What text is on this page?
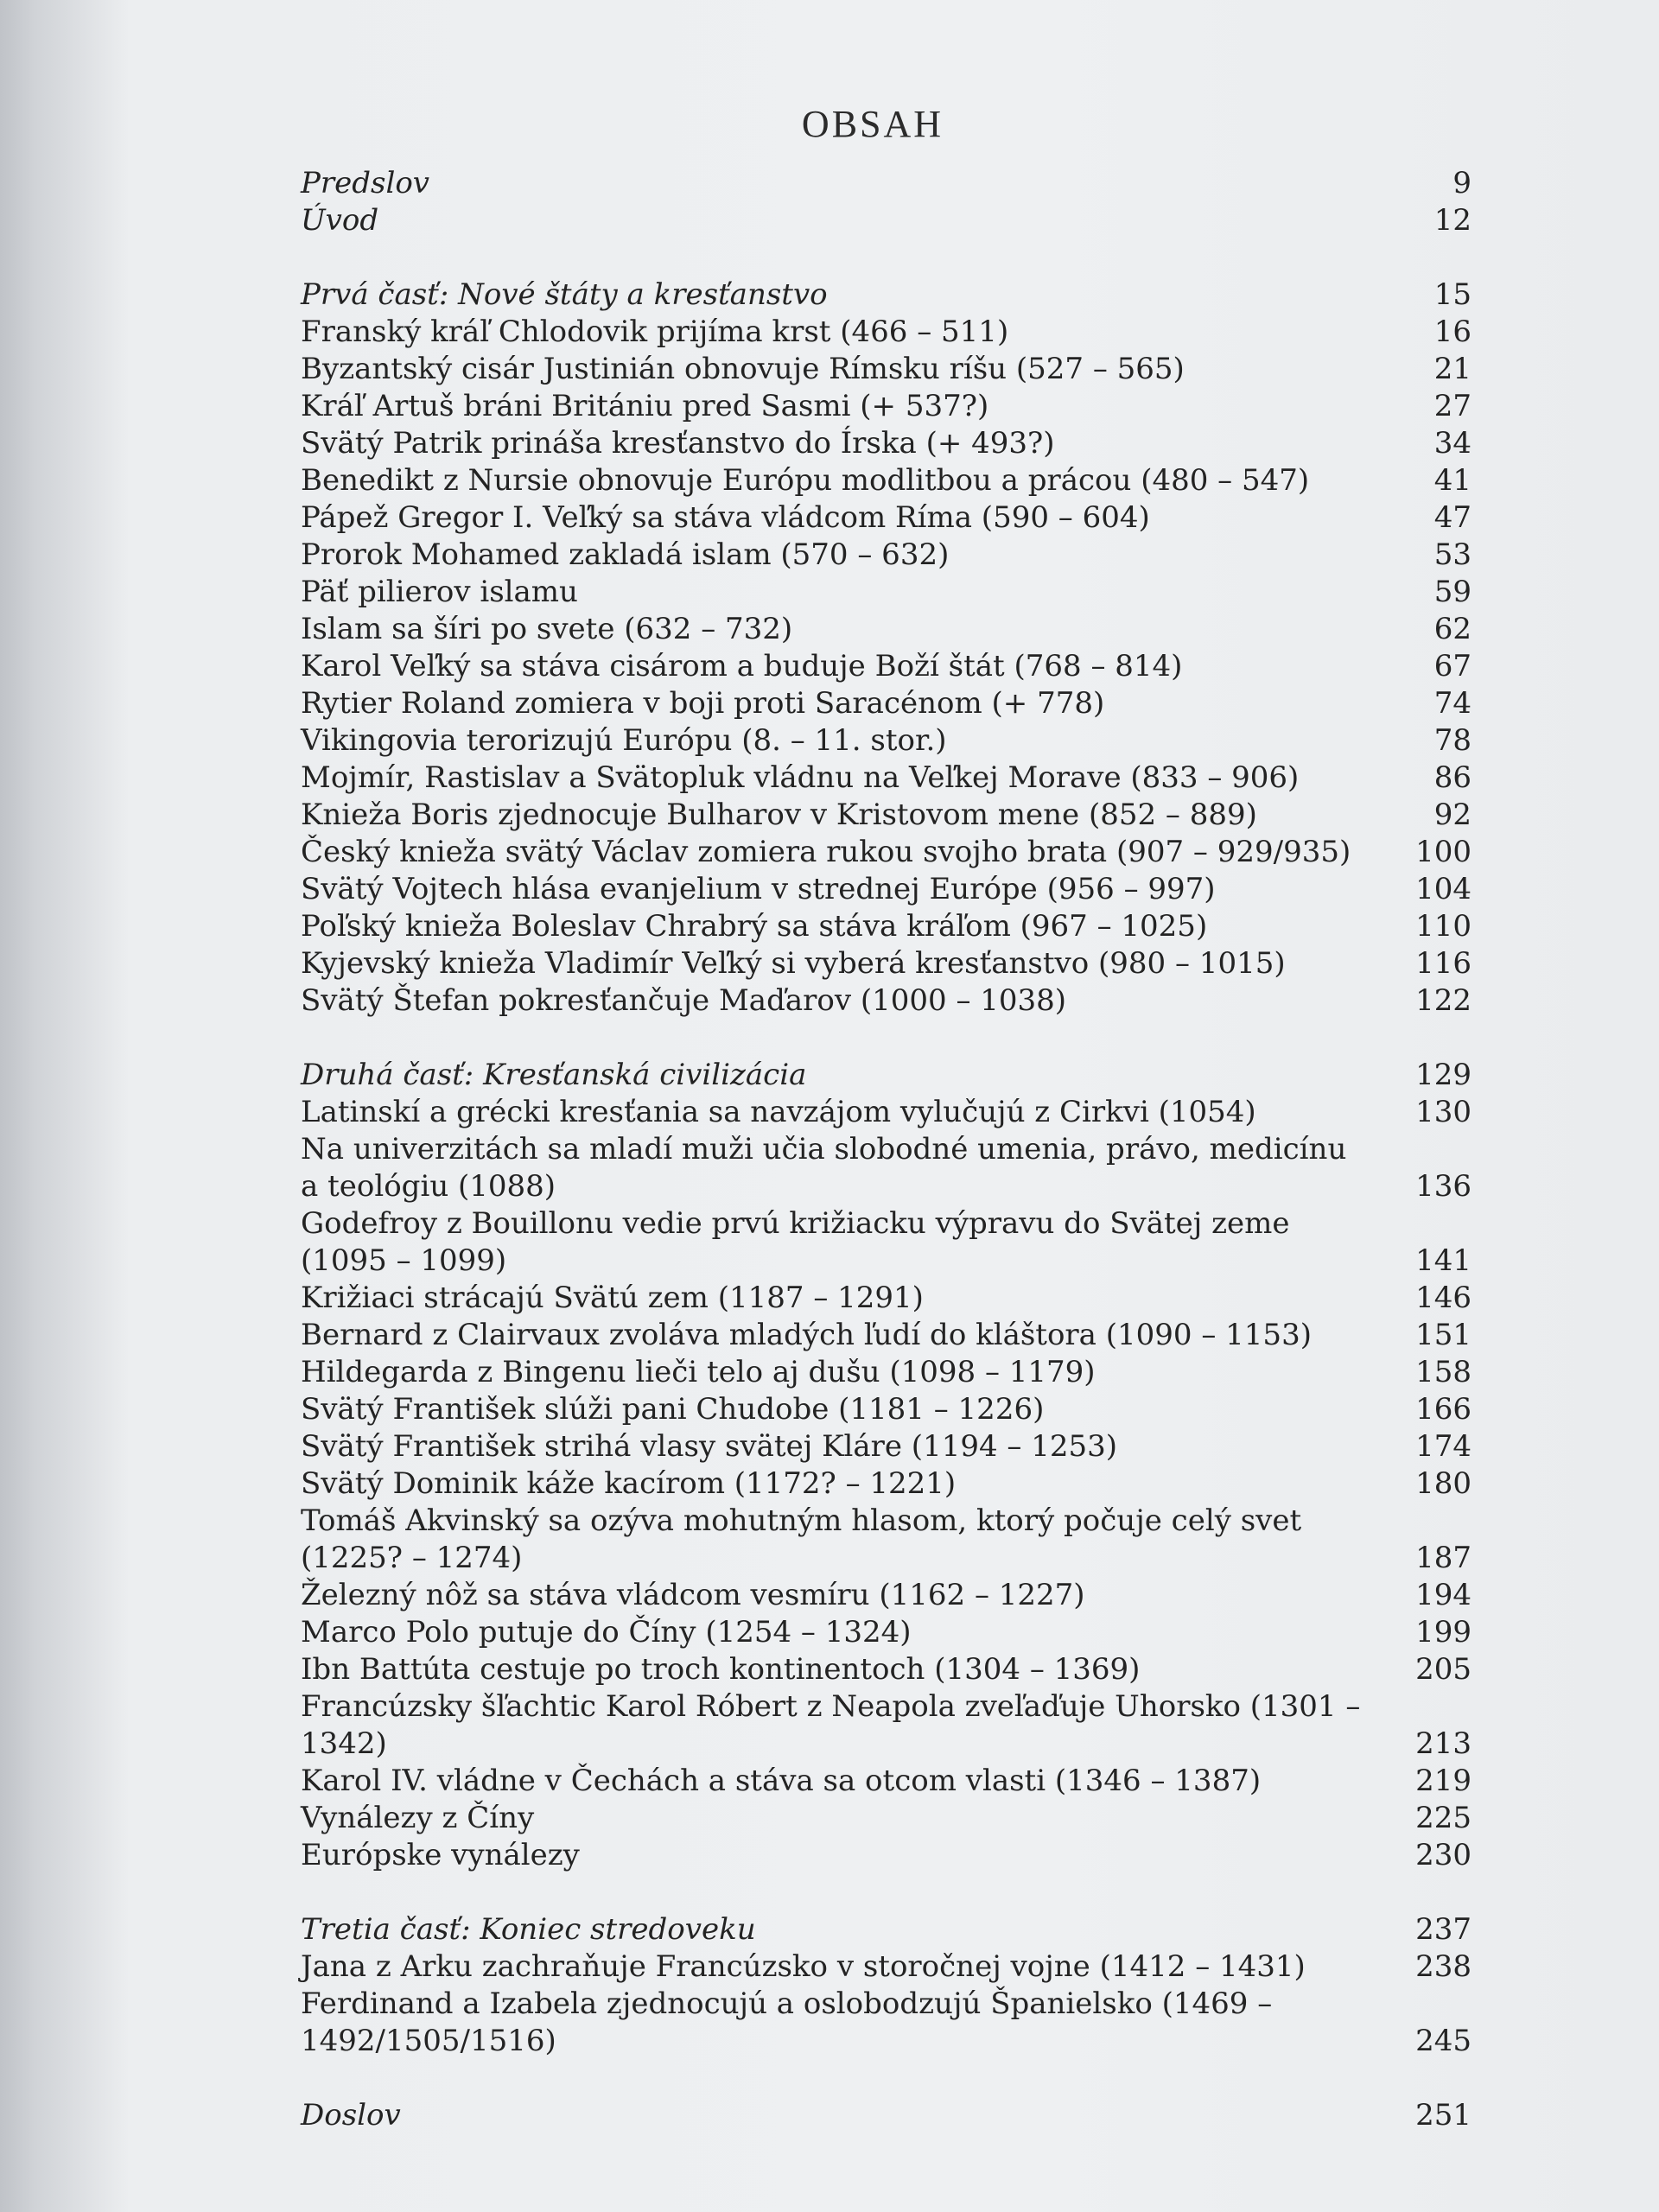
OBSAH
Predslov	9
Úvod	12
Prvá časť: Nové štáty a kresťanstvo	15
Franský kráľ Chlodovik prijíma krst (466 – 511)	16
Byzantský cisár Justinián obnovuje Rímsku ríšu (527 – 565)	21
Kráľ Artuš bráni Britániu pred Sasmi (+ 537?)	27
Svätý Patrik prináša kresťanstvo do Írska (+ 493?)	34
Benedikt z Nursie obnovuje Európu modlitbou a prácou (480 – 547)	41
Pápež Gregor I. Veľký sa stáva vládcom Ríma (590 – 604)	47
Prorok Mohamed zakladá islam (570 – 632)	53
Päť pilierov islamu	59
Islam sa šíri po svete (632 – 732)	62
Karol Veľký sa stáva cisárom a buduje Boží štát (768 – 814)	67
Rytier Roland zomiera v boji proti Saracénom (+ 778)	74
Vikingovia terorizujú Európu (8. – 11. stor.)	78
Mojmír, Rastislav a Svätopluk vládnu na Veľkej Morave (833 – 906)	86
Knieža Boris zjednocuje Bulharov v Kristovom mene (852 – 889)	92
Český knieža svätý Václav zomiera rukou svojho brata (907 – 929/935)	100
Svätý Vojtech hlása evanjelium v strednej Európe (956 – 997)	104
Poľský knieža Boleslav Chrabrý sa stáva kráľom (967 – 1025)	110
Kyjevský knieža Vladimír Veľký si vyberá kresťanstvo (980 – 1015)	116
Svätý Štefan pokresťančuje Maďarov (1000 – 1038)	122
Druhá časť: Kresťanská civilizácia	129
Latinskí a grécki kresťania sa navzájom vylučujú z Cirkvi (1054)	130
Na univerzitách sa mladí muži učia slobodné umenia, právo, medicínu a teológiu (1088)	136
Godefroy z Bouillonu vedie prvú križiacku výpravu do Svätej zeme (1095 – 1099)	141
Križiaci strácajú Svätú zem (1187 – 1291)	146
Bernard z Clairvaux zvoláva mladých ľudí do kláštora (1090 – 1153)	151
Hildegarda z Bingenu lieči telo aj dušu (1098 – 1179)	158
Svätý František slúži pani Chudobe (1181 – 1226)	166
Svätý František strihá vlasy svätej Kláre (1194 – 1253)	174
Svätý Dominik káže kacírom (1172? – 1221)	180
Tomáš Akvinský sa ozýva mohutným hlasom, ktorý počuje celý svet (1225? – 1274)	187
Železný nôž sa stáva vládcom vesmíru (1162 – 1227)	194
Marco Polo putuje do Číny (1254 – 1324)	199
Ibn Battúta cestuje po troch kontinentoch (1304 – 1369)	205
Francúzsky šľachtic Karol Róbert z Neapola zveľaďuje Uhorsko (1301 – 1342)	213
Karol IV. vládne v Čechách a stáva sa otcom vlasti (1346 – 1387)	219
Vynálezy z Číny	225
Európske vynálezy	230
Tretia časť: Koniec stredoveku	237
Jana z Arku zachraňuje Francúzsko v storočnej vojne (1412 – 1431)	238
Ferdinand a Izabela zjednocujú a oslobodzujú Španielsko (1469 – 1492/1505/1516)	245
Doslov	251
